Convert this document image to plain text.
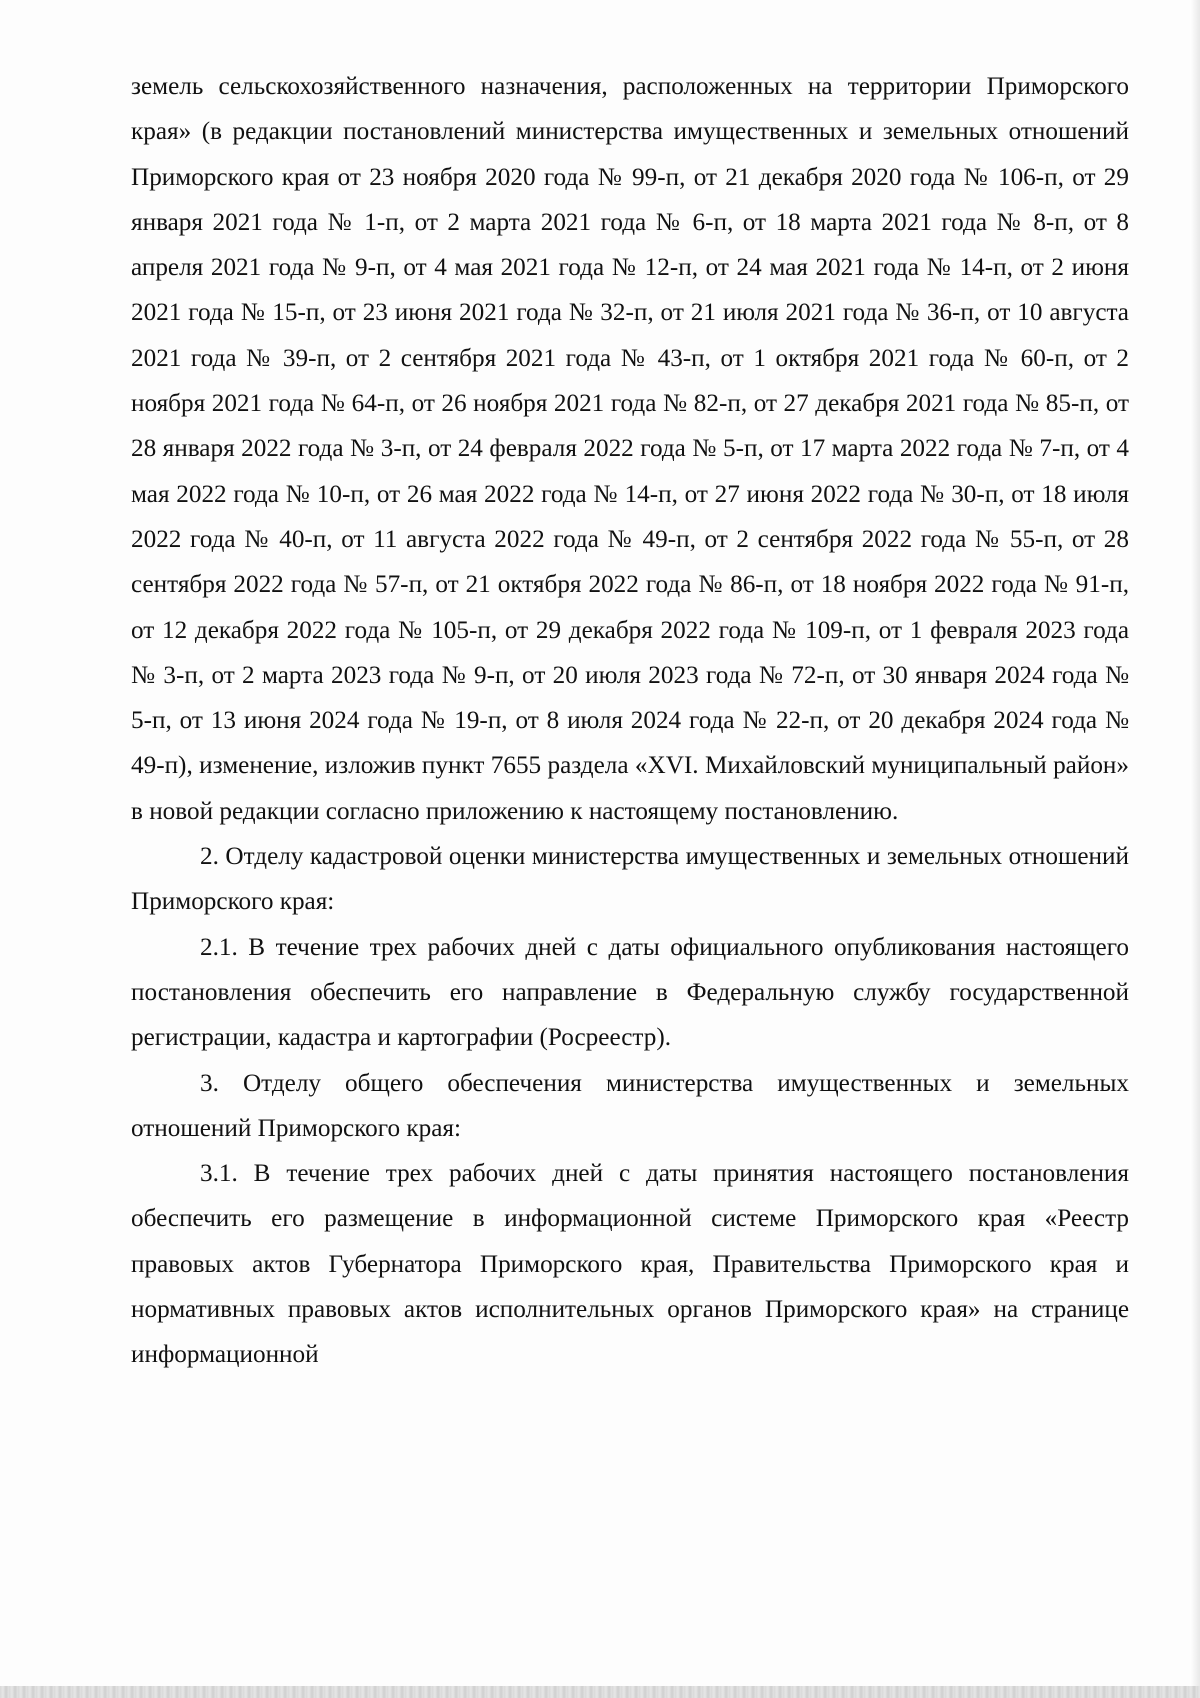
земель сельскохозяйственного назначения, расположенных на территории Приморского края» (в редакции постановлений министерства имущественных и земельных отношений Приморского края от 23 ноября 2020 года № 99-п, от 21 декабря 2020 года № 106-п, от 29 января 2021 года № 1-п, от 2 марта 2021 года № 6-п, от 18 марта 2021 года № 8-п, от 8 апреля 2021 года № 9-п, от 4 мая 2021 года № 12-п, от 24 мая 2021 года № 14-п, от 2 июня 2021 года № 15-п, от 23 июня 2021 года № 32-п, от 21 июля 2021 года № 36-п, от 10 августа 2021 года № 39-п, от 2 сентября 2021 года № 43-п, от 1 октября 2021 года № 60-п, от 2 ноября 2021 года № 64-п, от 26 ноября 2021 года № 82-п, от 27 декабря 2021 года № 85-п, от 28 января 2022 года № 3-п, от 24 февраля 2022 года № 5-п, от 17 марта 2022 года № 7-п, от 4 мая 2022 года № 10-п, от 26 мая 2022 года № 14-п, от 27 июня 2022 года № 30-п, от 18 июля 2022 года № 40-п, от 11 августа 2022 года № 49-п, от 2 сентября 2022 года № 55-п, от 28 сентября 2022 года № 57-п, от 21 октября 2022 года № 86-п, от 18 ноября 2022 года № 91-п, от 12 декабря 2022 года № 105-п, от 29 декабря 2022 года № 109-п, от 1 февраля 2023 года № 3-п, от 2 марта 2023 года № 9-п, от 20 июля 2023 года № 72-п, от 30 января 2024 года № 5-п, от 13 июня 2024 года № 19-п, от 8 июля 2024 года № 22-п, от 20 декабря 2024 года № 49-п), изменение, изложив пункт 7655 раздела «XVI. Михайловский муниципальный район» в новой редакции согласно приложению к настоящему постановлению.

2. Отделу кадастровой оценки министерства имущественных и земельных отношений Приморского края:

2.1. В течение трех рабочих дней с даты официального опубликования настоящего постановления обеспечить его направление в Федеральную службу государственной регистрации, кадастра и картографии (Росреестр).

3. Отделу общего обеспечения министерства имущественных и земельных отношений Приморского края:

3.1. В течение трех рабочих дней с даты принятия настоящего постановления обеспечить его размещение в информационной системе Приморского края «Реестр правовых актов Губернатора Приморского края, Правительства Приморского края и нормативных правовых актов исполнительных органов Приморского края» на странице информационной
